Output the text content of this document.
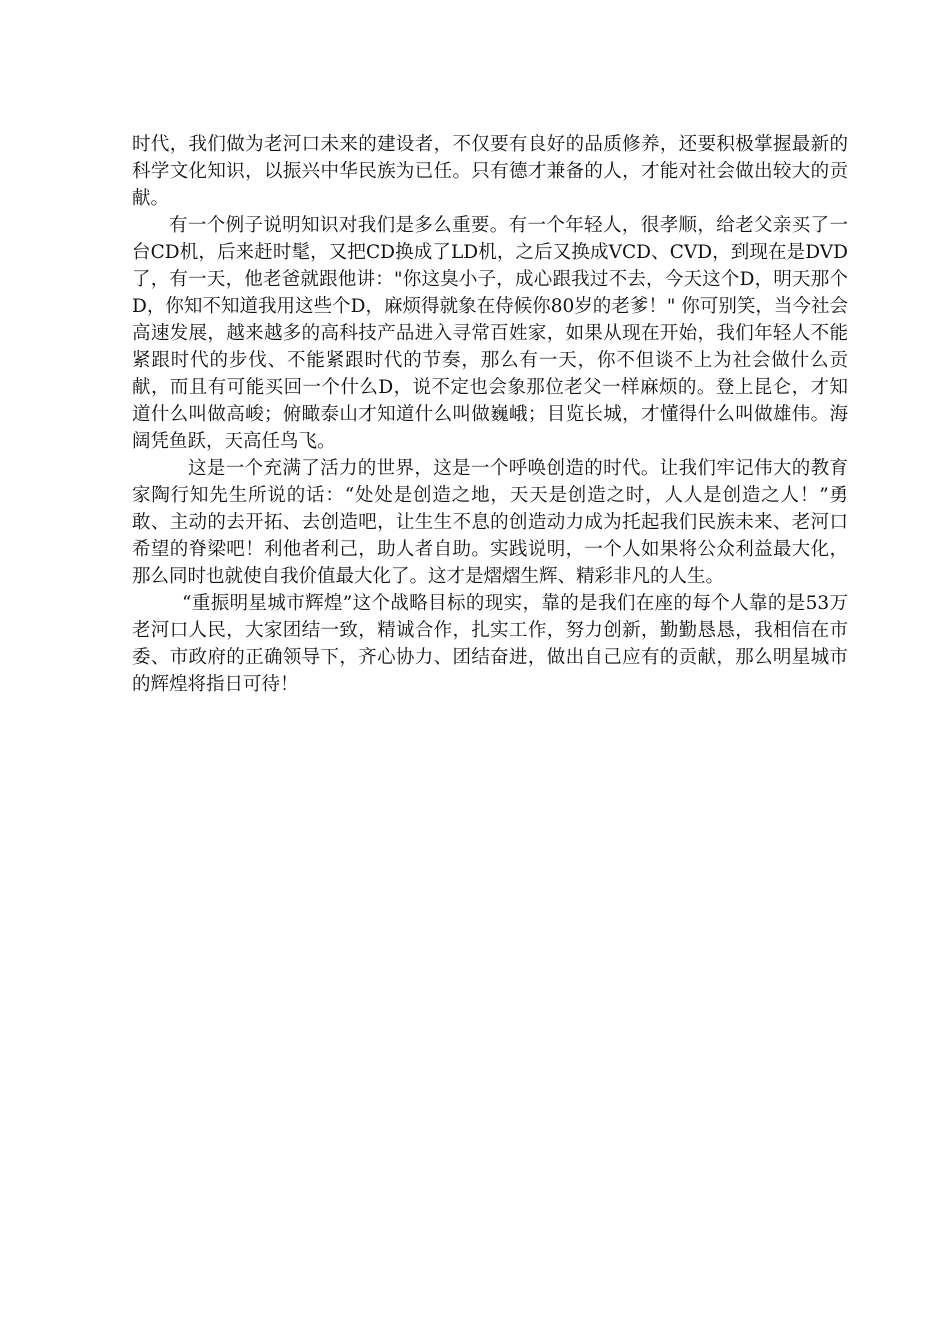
时代，我们做为老河口未来的建设者，不仅要有良好的品质修养，还要积极掌握最新的科学文化知识，以振兴中华民族为已任。只有德才兼备的人，才能对社会做出较大的贡献。

有一个例子说明知识对我们是多么重要。有一个年轻人，很孝顺，给老父亲买了一台CD机，后来赶时髦，又把CD换成了LD机，之后又换成VCD、CVD，到现在是DVD了，有一天，他老爸就跟他讲："你这臭小子，成心跟我过不去，今天这个D，明天那个D，你知不知道我用这些个D，麻烦得就象在侍候你80岁的老爹！" 你可别笑，当今社会高速发展，越来越多的高科技产品进入寻常百姓家，如果从现在开始，我们年轻人不能紧跟时代的步伐、不能紧跟时代的节奏，那么有一天，你不但谈不上为社会做什么贡献，而且有可能买回一个什么D，说不定也会象那位老父一样麻烦的。登上昆仑，才知道什么叫做高峻；俯瞰泰山才知道什么叫做巍峨；目览长城，才懂得什么叫做雄伟。海阔凭鱼跃，天高任鸟飞。

这是一个充满了活力的世界，这是一个呼唤创造的时代。让我们牢记伟大的教育家陶行知先生所说的话：“处处是创造之地，天天是创造之时，人人是创造之人！”勇敢、主动的去开拓、去创造吧，让生生不息的创造动力成为托起我们民族未来、老河口希望的脊梁吧！利他者利己，助人者自助。实践说明，一个人如果将公众利益最大化，那么同时也就使自我价值最大化了。这才是熠熠生辉、精彩非凡的人生。

“重振明星城市辉煌”这个战略目标的现实，靠的是我们在座的每个人靠的是53万老河口人民，大家团结一致，精诚合作，扎实工作，努力创新，勤勤恳恳，我相信在市委、市政府的正确领导下，齐心协力、团结奋进，做出自己应有的贡献，那么明星城市的辉煌将指日可待！
